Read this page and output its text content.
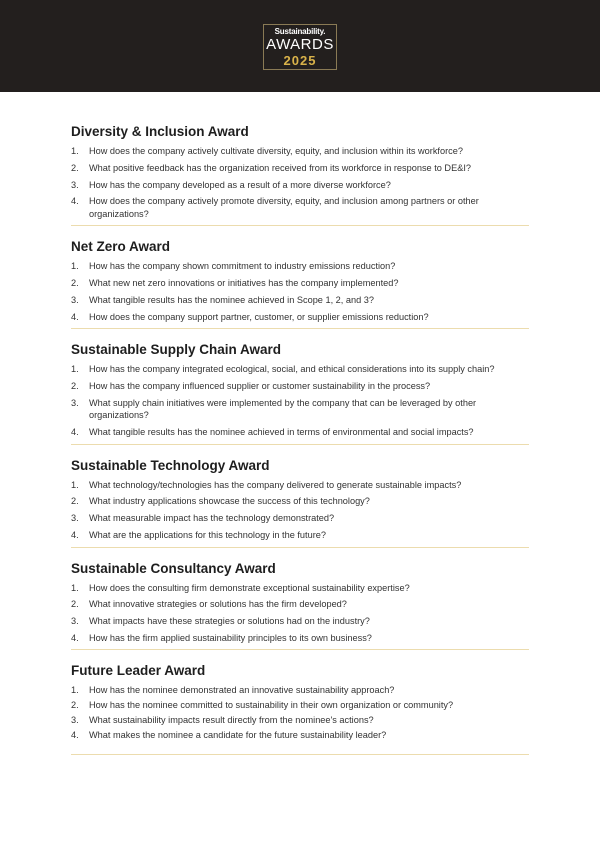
Sustainability.
AWARDS
2025
Diversity & Inclusion Award
1. How does the company actively cultivate diversity, equity, and inclusion within its workforce?
2. What positive feedback has the organization received from its workforce in response to DE&I?
3. How has the company developed as a result of a more diverse workforce?
4. How does the company actively promote diversity, equity, and inclusion among partners or other organizations?
Net Zero Award
1. How has the company shown commitment to industry emissions reduction?
2. What new net zero innovations or initiatives has the company implemented?
3. What tangible results has the nominee achieved in Scope 1, 2, and 3?
4. How does the company support partner, customer, or supplier emissions reduction?
Sustainable Supply Chain Award
1. How has the company integrated ecological, social, and ethical considerations into its supply chain?
2. How has the company influenced supplier or customer sustainability in the process?
3. What supply chain initiatives were implemented by the company that can be leveraged by other organizations?
4. What tangible results has the nominee achieved in terms of environmental and social impacts?
Sustainable Technology Award
1. What technology/technologies has the company delivered to generate sustainable impacts?
2. What industry applications showcase the success of this technology?
3. What measurable impact has the technology demonstrated?
4. What are the applications for this technology in the future?
Sustainable Consultancy Award
1. How does the consulting firm demonstrate exceptional sustainability expertise?
2. What innovative strategies or solutions has the firm developed?
3. What impacts have these strategies or solutions had on the industry?
4. How has the firm applied sustainability principles to its own business?
Future Leader Award
1. How has the nominee demonstrated an innovative sustainability approach?
2. How has the nominee committed to sustainability in their own organization or community?
3. What sustainability impacts result directly from the nominee's actions?
4. What makes the nominee a candidate for the future sustainability leader?
